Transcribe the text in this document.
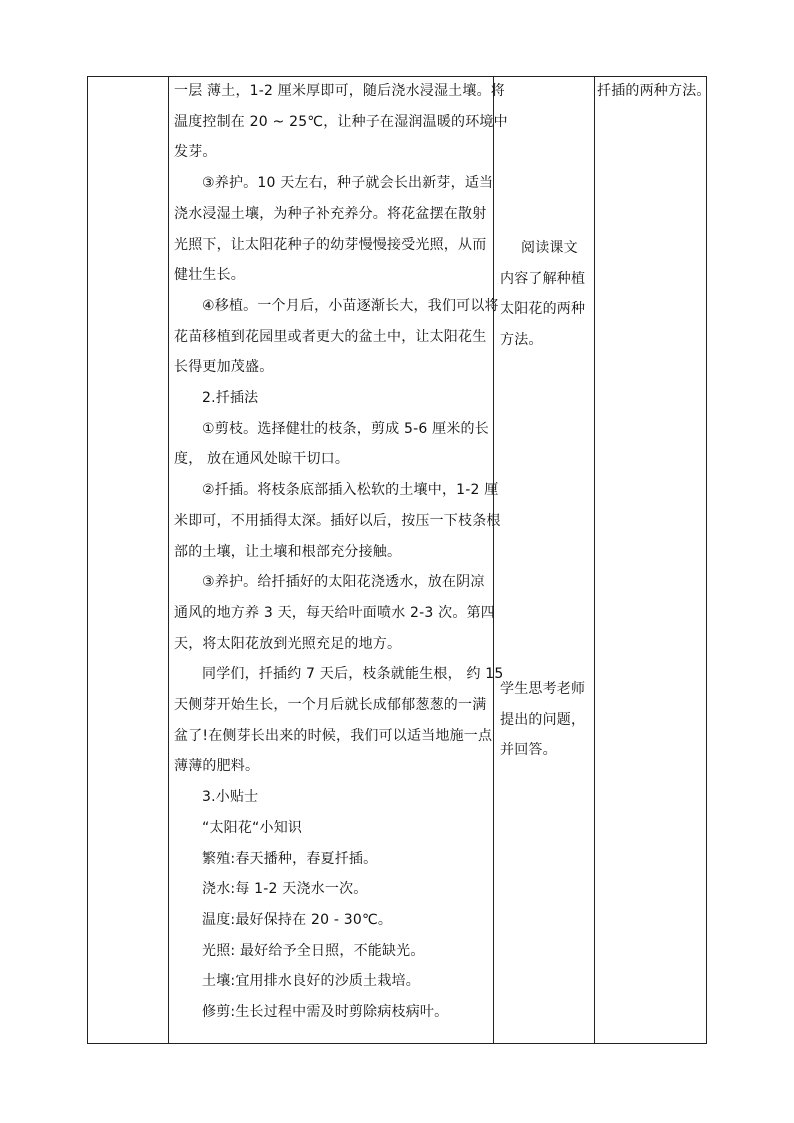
一层 薄土，1-2 厘米厚即可，随后浇水浸湿土壤。将

温度控制在 20 ~ 25℃，让种子在湿润温暖的环境中

发芽。

③养护。10 天左右，种子就会长出新芽，适当

浇水浸湿土壤，为种子补充养分。将花盆摆在散射

光照下，让太阳花种子的幼芽慢慢接受光照，从而

健壮生长。

④移植。一个月后，小苗逐渐长大，我们可以将

花苗移植到花园里或者更大的盆土中，让太阳花生

长得更加茂盛。

2.扦插法

①剪枝。选择健壮的枝条，剪成 5-6 厘米的长

度， 放在通风处晾干切口。

②扦插。将枝条底部插入松软的土壤中，1-2 厘

米即可，不用插得太深。插好以后，按压一下枝条根

部的土壤，让土壤和根部充分接触。

③养护。给扦插好的太阳花浇透水，放在阴凉

通风的地方养 3 天，每天给叶面喷水 2-3 次。第四

天，将太阳花放到光照充足的地方。

同学们，扦插约 7 天后，枝条就能生根， 约 15

天侧芽开始生长，一个月后就长成郁郁葱葱的一满

盆了!在侧芽长出来的时候，我们可以适当地施一点

薄薄的肥料。

3.小贴士

“太阳花“小知识

繁殖:春天播种，春夏扦插。

浇水:每 1-2 天浇水一次。

温度:最好保持在 20 - 30℃。

光照: 最好给予全日照，不能缺光。

土壤:宜用排水良好的沙质土栽培。

修剪:生长过程中需及时剪除病枝病叶。

阅读课文

内容了解种植

太阳花的两种

方法。

学生思考老师

提出的问题，

并回答。

扦插的两种方法。
